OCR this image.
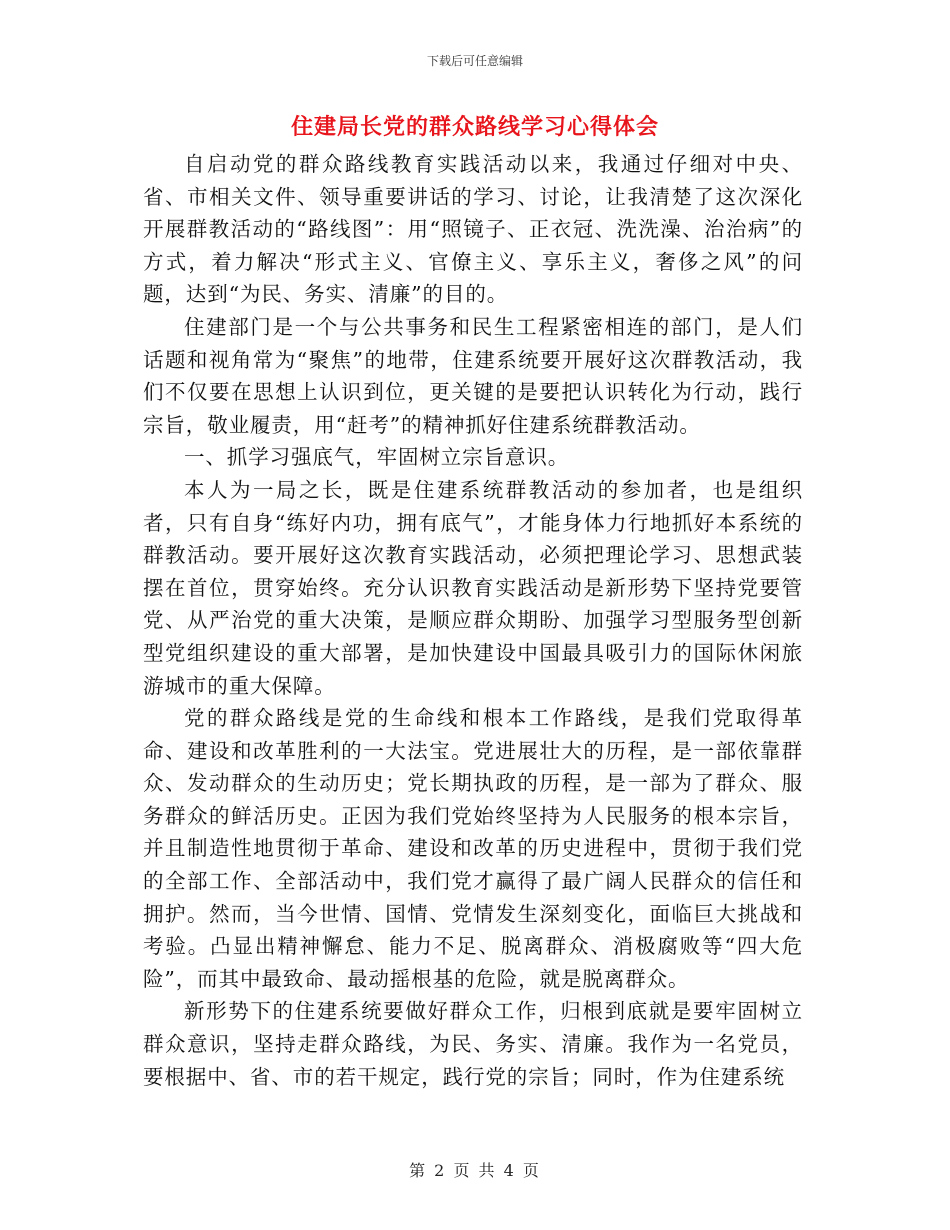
下载后可任意编辑
住建局长党的群众路线学习心得体会

自启动党的群众路线教育实践活动以来，我通过仔细对中央、省、市相关文件、领导重要讲话的学习、讨论，让我清楚了这次深化开展群教活动的“路线图”：用“照镜子、正衣冠、洗洗澡、治治病”的方式，着力解决“形式主义、官僚主义、享乐主义，奢侈之风”的问题，达到“为民、务实、清廉”的目的。

住建部门是一个与公共事务和民生工程紧密相连的部门，是人们话题和视角常为“聚焦”的地带，住建系统要开展好这次群教活动，我们不仅要在思想上认识到位，更关键的是要把认识转化为行动，践行宗旨，敬业履责，用“赶考”的精神抓好住建系统群教活动。

一、抓学习强底气，牢固树立宗旨意识。

本人为一局之长，既是住建系统群教活动的参加者，也是组织者，只有自身“练好内功，拥有底气”，才能身体力行地抓好本系统的群教活动。要开展好这次教育实践活动，必须把理论学习、思想武装摆在首位，贯穿始终。充分认识教育实践活动是新形势下坚持党要管党、从严治党的重大决策，是顺应群众期盼、加强学习型服务型创新型党组织建设的重大部署，是加快建设中国最具吸引力的国际休闲旅游城市的重大保障。

党的群众路线是党的生命线和根本工作路线，是我们党取得革命、建设和改革胜利的一大法宝。党进展壮大的历程，是一部依靠群众、发动群众的生动历史；党长期执政的历程，是一部为了群众、服务群众的鲜活历史。正因为我们党始终坚持为人民服务的根本宗旨，并且制造性地贯彻于革命、建设和改革的历史进程中，贯彻于我们党的全部工作、全部活动中，我们党才赢得了最广阔人民群众的信任和拥护。然而，当今世情、国情、党情发生深刻变化，面临巨大挑战和考验。凸显出精神懈怠、能力不足、脱离群众、消极腐败等“四大危险”，而其中最致命、最动摇根基的危险，就是脱离群众。

新形势下的住建系统要做好群众工作，归根到底就是要牢固树立群众意识，坚持走群众路线，为民、务实、清廉。我作为一名党员，要根据中、省、市的若干规定，践行党的宗旨；同时，作为住建系统

第 2 页 共 4 页
